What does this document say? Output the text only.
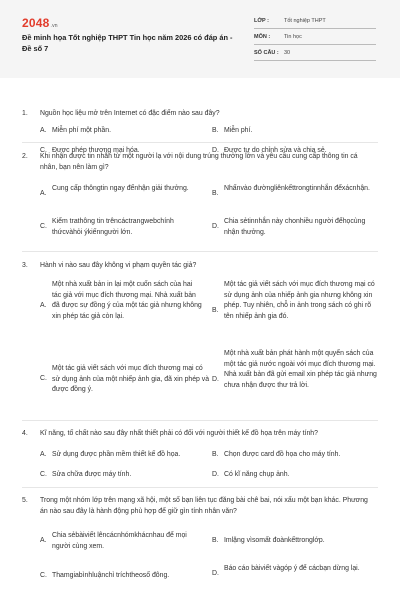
2048.vn
Đề minh họa Tốt nghiệp THPT Tin học năm 2026 có đáp án - Đề số 7
LỚP :	Tốt nghiệp THPT
MÔN :	Tin học
SỐ CÂU : 30
1. Nguồn học liệu mở trên Internet có đặc điểm nào sau đây?
A. Miễn phí một phần.	B. Miễn phí.
C. Được phép thương mại hóa.	D. Được tự do chỉnh sửa và chia sẻ.
2. Khi nhận được tin nhắn từ một người lạ với nội dung trúng thưởng lớn và yêu cầu cung cấp thông tin cá nhân, bạn nên làm gì?
A.
Cung cấp thôngtin ngay đểnhận giải thưởng.
B.
Nhấnvào đườngliênkếttrongtinnhắn đểxácnhận.
C.
Kiểm trathông tin trêncáctrangwebchính thứcvàhỏi ýkiếnngười lớn.
D.
Chia sẻtinnhắn này chonhiều người đểhọcùng nhận thưởng.
3. Hành vi nào sau đây không vi phạm quyền tác giả?
A.
Một nhà xuất bản in lại một cuốn sách của hai tác giả với mục đích thương mại. Nhà xuất bản đã được sự đồng ý của một tác giả nhưng không xin phép tác giả còn lại.
B.
Một tác giả viết sách với mục đích thương mại có sử dụng ảnh của nhiếp ảnh gia nhưng không xin phép. Tuy nhiên, chỗ in ảnh trong sách có ghi rõ tên nhiếp ảnh gia đó.
C.
Một tác giả viết sách với mục đích thương mại có sử dụng ảnh của một nhiếp ảnh gia, đã xin phép và được đồng ý.
D.
Một nhà xuất bản phát hành một quyển sách của một tác giả nước ngoài với mục đích thương mại. Nhà xuất bản đã gửi email xin phép tác giả nhưng chưa nhận được thư trả lời.
4. Kĩ năng, tố chất nào sau đây nhất thiết phải có đối với người thiết kế đồ họa trên máy tính?
A. Sử dụng được phần mềm thiết kế đồ họa.	B. Chọn được card đồ họa cho máy tính.
C. Sửa chữa được máy tính.	D. Có kĩ năng chụp ảnh.
5. Trong một nhóm lớp trên mạng xã hội, một số bạn liên tục đăng bài chê bai, nói xấu một bạn khác. Phương án nào sau đây là hành động phù hợp để giữ gìn tính nhân văn?
A.
Chia sẻbàiviết lêncácnhómkhácnhau để mọi người cùng xem.
B. Imlặng vìsomất đoànkếttronglớp.
C. Thamgiabìnhluậnchỉ tríchtheosố đông.	D.
Báo cáo bàiviết vàgóp ý để cácbạn dừng lại.
